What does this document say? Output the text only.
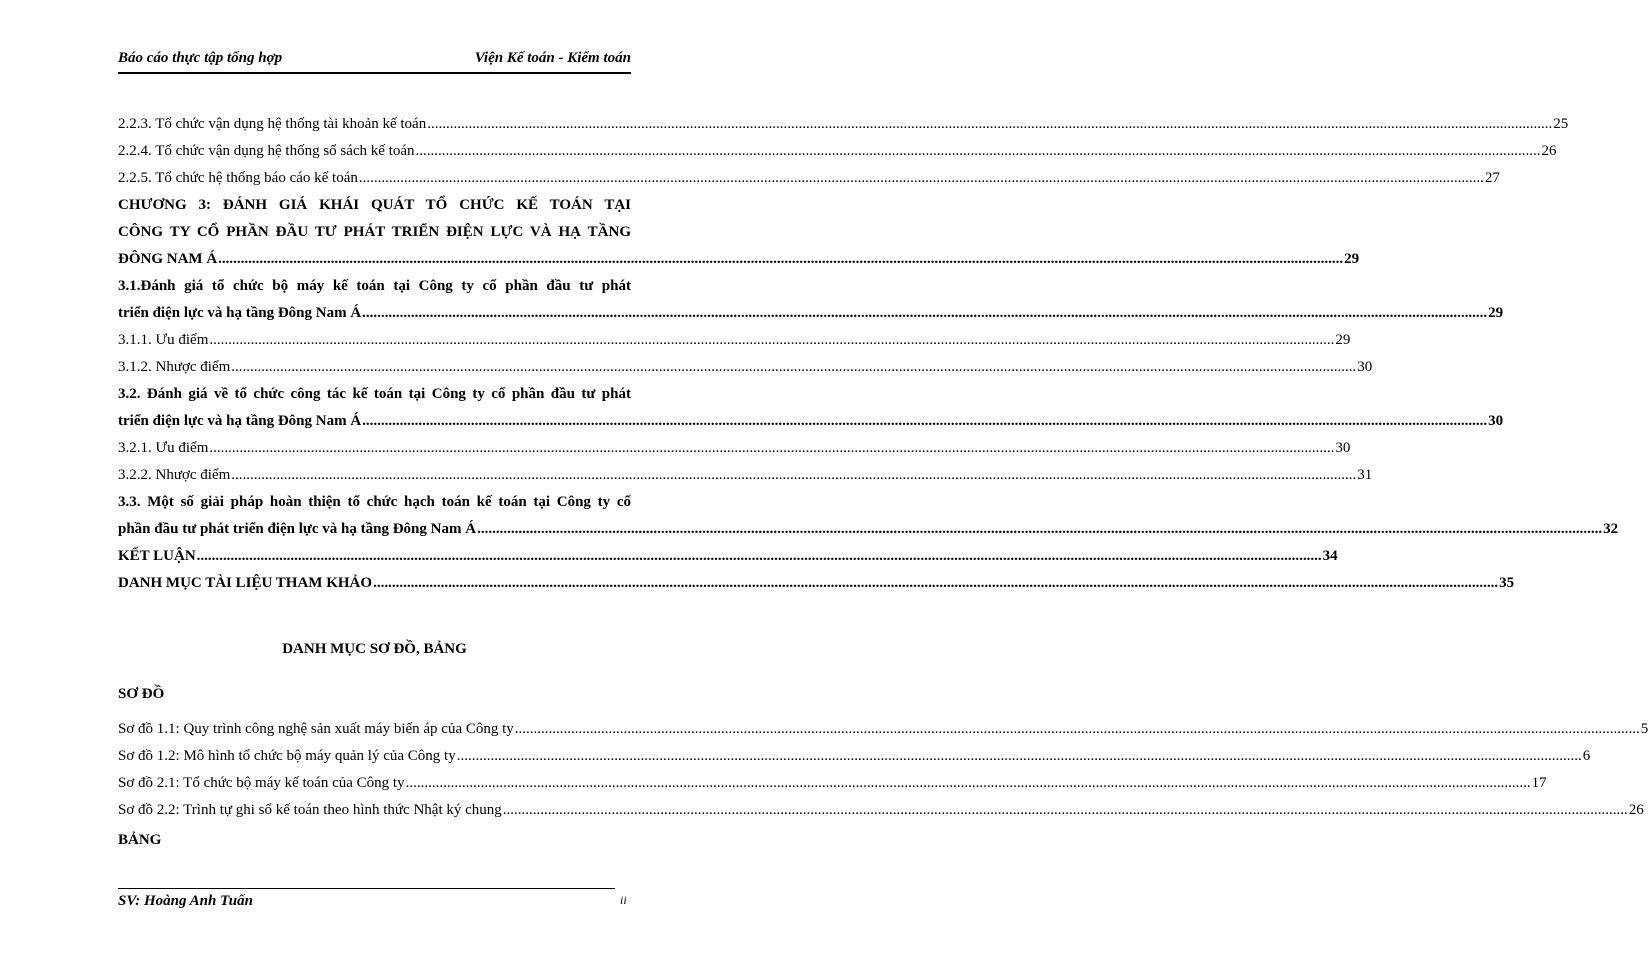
Báo cáo thực tập tổng hợp	Viện Kế toán - Kiểm toán
2.2.3. Tổ chức vận dụng hệ thống tài khoản kế toán ............................................................................................................................................................................................................................................................................................................ 25
2.2.4. Tổ chức vận dụng hệ thống sổ sách kế toán ............................................................................................................................................................................................................................................................................................................ 26
2.2.5. Tổ chức hệ thống báo cáo kế toán ............................................................................................................................................................................................................................................................................................................ 27
CHƯƠNG 3: ĐÁNH GIÁ KHÁI QUÁT TỔ CHỨC KẾ TOÁN TẠI
CÔNG TY CỔ PHẦN ĐẦU TƯ PHÁT TRIỂN ĐIỆN LỰC VÀ HẠ TẦNG
ĐÔNG NAM Á ............................................................................................................................................................................................................................................................................................................ 29
3.1.Đánh giá tổ chức bộ máy kế toán tại Công ty cổ phần đầu tư phát
triển điện lực và hạ tầng Đông Nam Á ............................................................................................................................................................................................................................................................................................................ 29
3.1.1. Ưu điểm ............................................................................................................................................................................................................................................................................................................ 29
3.1.2. Nhược điểm ............................................................................................................................................................................................................................................................................................................ 30
3.2. Đánh giá về tổ chức công tác kế toán tại Công ty cổ phần đầu tư phát
triển điện lực và hạ tầng Đông Nam Á ............................................................................................................................................................................................................................................................................................................ 30
3.2.1. Ưu điểm ............................................................................................................................................................................................................................................................................................................ 30
3.2.2. Nhược điểm ............................................................................................................................................................................................................................................................................................................ 31
3.3. Một số giải pháp hoàn thiện tổ chức hạch toán kế toán tại Công ty cổ
phần đầu tư phát triển điện lực và hạ tầng Đông Nam Á ............................................................................................................................................................................................................................................................................................................ 32
KẾT LUẬN ............................................................................................................................................................................................................................................................................................................ 34
DANH MỤC TÀI LIỆU THAM KHẢO ............................................................................................................................................................................................................................................................................................................ 35
DANH MỤC SƠ ĐỒ, BẢNG
SƠ ĐỒ
Sơ đồ 1.1: Quy trình công nghệ sản xuất máy biến áp của Công ty ............................................................................................................................................................................................................................................................................................................ 5
Sơ đồ 1.2: Mô hình tổ chức bộ máy quản lý của Công ty ............................................................................................................................................................................................................................................................................................................ 6
Sơ đồ 2.1: Tổ chức bộ máy kế toán của Công ty ............................................................................................................................................................................................................................................................................................................ 17
Sơ đồ 2.2: Trình tự ghi sổ kế toán theo hình thức Nhật ký chung ............................................................................................................................................................................................................................................................................................................ 26
BẢNG
SV: Hoàng Anh Tuấn	ii
